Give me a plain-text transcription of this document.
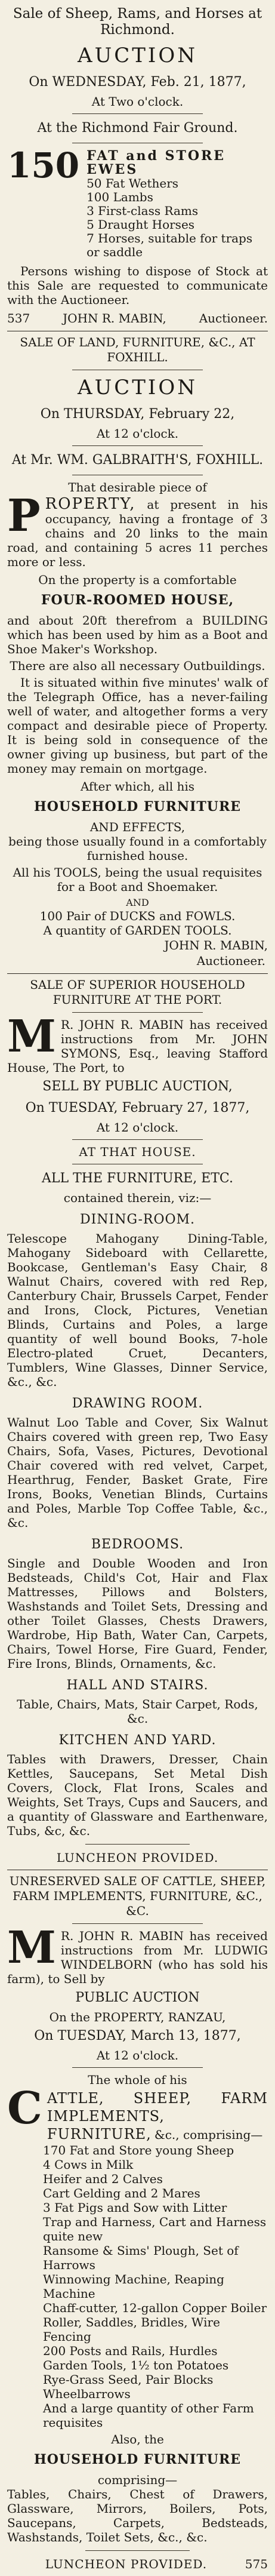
Sale of Sheep, Rams, and Horses at Richmond.
AUCTION
On WEDNESDAY, Feb. 21, 1877,
At Two o'clock.
At the Richmond Fair Ground.
150 FAT and STORE EWES
50 Fat Wethers
100 Lambs
3 First-class Rams
5 Draught Horses
7 Horses, suitable for traps or saddle
Persons wishing to dispose of Stock at this Sale are requested to communicate with the Auctioneer.
537	JOHN R. MABIN,	Auctioneer.
SALE OF LAND, FURNITURE, &C., AT FOXHILL.
AUCTION
On THURSDAY, February 22,
At 12 o'clock.
At Mr. WM. GALBRAITH'S, FOXHILL.
That desirable piece of
P ROPERTY, at present in his occupancy, having a frontage of 3 chains and 20 links to the main road, and containing 5 acres 11 perches more or less.
On the property is a comfortable
FOUR-ROOMED HOUSE,
and about 20ft therefrom a BUILDING which has been used by him as a Boot and Shoe Maker's Workshop.
There are also all necessary Outbuildings.
It is situated within five minutes' walk of the Telegraph Office, has a never-failing well of water, and altogether forms a very compact and desirable piece of Property. It is being sold in consequence of the owner giving up business, but part of the money may remain on mortgage.
After which, all his
HOUSEHOLD FURNITURE
AND EFFECTS,
being those usually found in a comfortably furnished house.
All his TOOLS, being the usual requisites for a Boot and Shoemaker.
AND
100 Pair of DUCKS and FOWLS.
A quantity of GARDEN TOOLS.
JOHN R. MABIN,
Auctioneer.
SALE OF SUPERIOR HOUSEHOLD FURNITURE AT THE PORT.
M R. JOHN R. MABIN has received instructions from Mr. JOHN SYMONS, Esq., leaving Stafford House, The Port, to
SELL BY PUBLIC AUCTION,
On TUESDAY, February 27, 1877,
At 12 o'clock.
AT THAT HOUSE.
ALL THE FURNITURE, ETC.
contained therein, viz:—
DINING-ROOM.
Telescope Mahogany Dining-Table, Mahogany Sideboard with Cellarette, Bookcase, Gentleman's Easy Chair, 8 Walnut Chairs, covered with red Rep, Canterbury Chair, Brussels Carpet, Fender and Irons, Clock, Pictures, Venetian Blinds, Curtains and Poles, a large quantity of well bound Books, 7-hole Electro-plated Cruet, Decanters, Tumblers, Wine Glasses, Dinner Service, &c., &c.
DRAWING ROOM.
Walnut Loo Table and Cover, Six Walnut Chairs covered with green rep, Two Easy Chairs, Sofa, Vases, Pictures, Devotional Chair covered with red velvet, Carpet, Hearthrug, Fender, Basket Grate, Fire Irons, Books, Venetian Blinds, Curtains and Poles, Marble Top Coffee Table, &c., &c.
BEDROOMS.
Single and Double Wooden and Iron Bedsteads, Child's Cot, Hair and Flax Mattresses, Pillows and Bolsters, Washstands and Toilet Sets, Dressing and other Toilet Glasses, Chests Drawers, Wardrobe, Hip Bath, Water Can, Carpets, Chairs, Towel Horse, Fire Guard, Fender, Fire Irons, Blinds, Ornaments, &c.
HALL AND STAIRS.
Table, Chairs, Mats, Stair Carpet, Rods, &c.
KITCHEN AND YARD.
Tables with Drawers, Dresser, Chain Kettles, Saucepans, Set Metal Dish Covers, Clock, Flat Irons, Scales and Weights, Set Trays, Cups and Saucers, and a quantity of Glassware and Earthenware, Tubs, &c, &c.
LUNCHEON PROVIDED.
UNRESERVED SALE OF CATTLE, SHEEP, FARM IMPLEMENTS, FURNITURE, &C., &C.
M R. JOHN R. MABIN has received instructions from Mr. LUDWIG WINDELBORN (who has sold his farm), to Sell by
PUBLIC AUCTION
On the PROPERTY, RANZAU,
On TUESDAY, March 13, 1877,
At 12 o'clock.
The whole of his
C ATTLE, SHEEP, FARM IMPLEMENTS, FURNITURE, &c., comprising—
170 Fat and Store young Sheep
4 Cows in Milk
Heifer and 2 Calves
Cart Gelding and 2 Mares
3 Fat Pigs and Sow with Litter
Trap and Harness, Cart and Harness quite new
Ransome & Sims' Plough, Set of Harrows
Winnowing Machine, Reaping Machine
Chaff-cutter, 12-gallon Copper Boiler
Roller, Saddles, Bridles, Wire Fencing
200 Posts and Rails, Hurdles
Garden Tools, 1½ ton Potatoes
Rye-Grass Seed, Pair Blocks
Wheelbarrows
And a large quantity of other Farm requisites
Also, the
HOUSEHOLD FURNITURE
comprising—
Tables, Chairs, Chest of Drawers, Glassware, Mirrors, Boilers, Pots, Saucepans, Carpets, Bedsteads, Washstands, Toilet Sets, &c., &c.
LUNCHEON PROVIDED.	575
